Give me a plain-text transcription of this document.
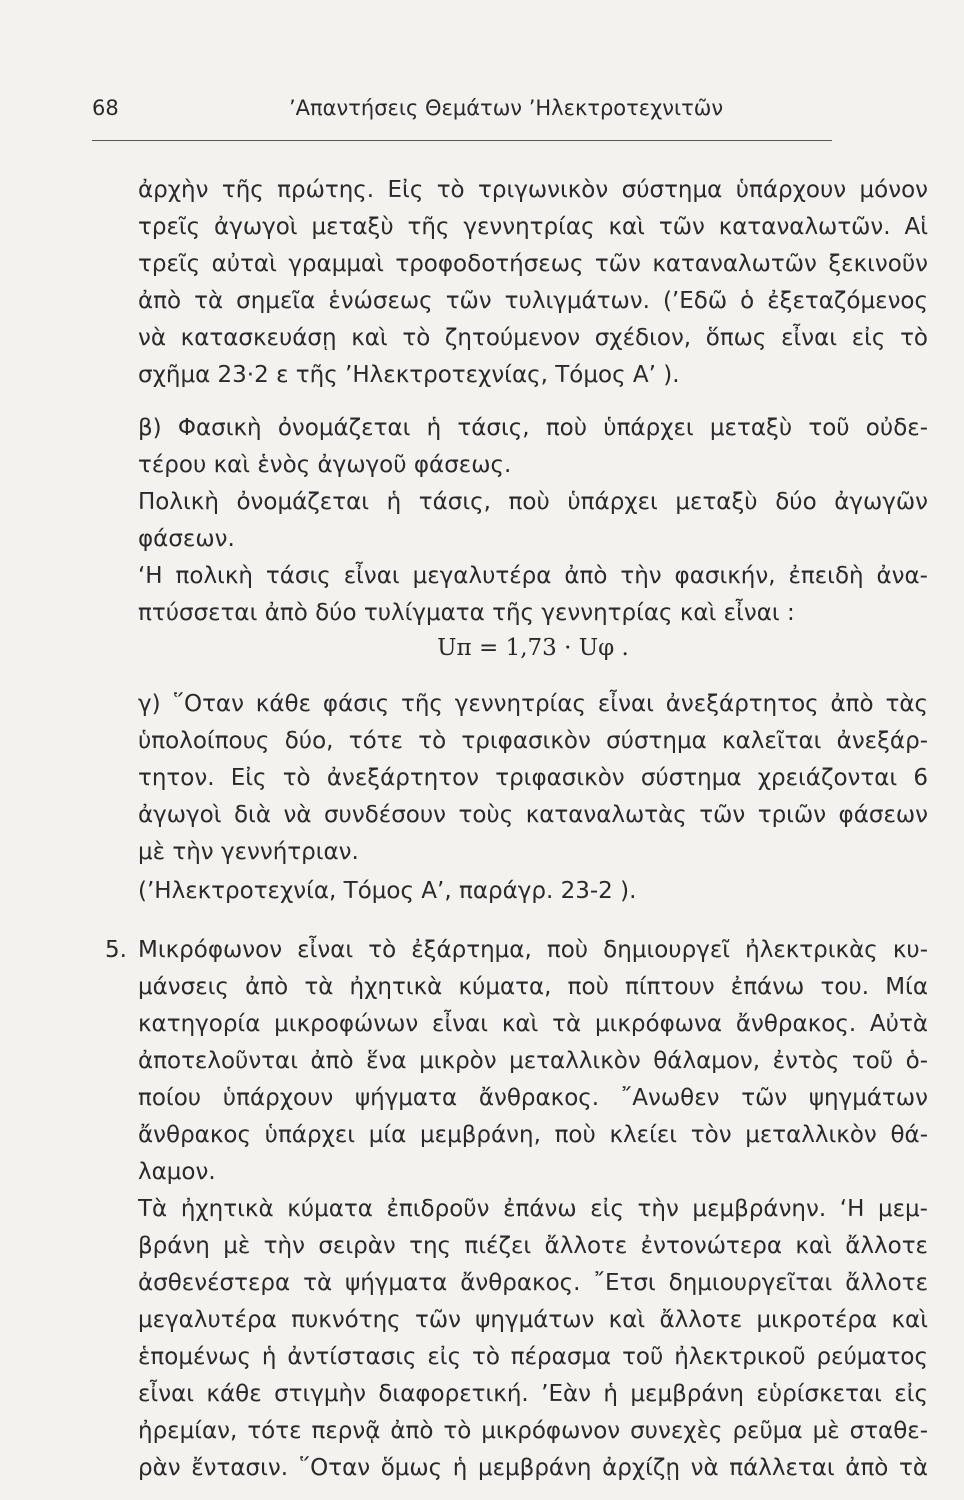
68	’Απαντήσεις Θεμάτων ’Ηλεκτροτεχνιτῶν
ἀρχὴν τῆς πρώτης. Εἰς τὸ τριγωνικὸν σύστημα ὑπάρχουν μόνον
τρεῖς ἀγωγοὶ μεταξὺ τῆς γεννητρίας καὶ τῶν καταναλωτῶν. Αἱ
τρεῖς αὐταὶ γραμμαὶ τροφοδοτήσεως τῶν καταναλωτῶν ξεκινοῦν
ἀπὸ τὰ σημεῖα ἑνώσεως τῶν τυλιγμάτων. (’Εδῶ ὁ ἐξεταζόμενος
νὰ κατασκευάσῃ καὶ τὸ ζητούμενον σχέδιον, ὅπως εἶναι εἰς τὸ
σχῆμα 23·2 ε τῆς ’Ηλεκτροτεχνίας, Τόμος Α’ ).
β) Φασικὴ ὀνομάζεται ἡ τάσις, ποὺ ὑπάρχει μεταξὺ τοῦ οὐδε-
τέρου καὶ ἑνὸς ἀγωγοῦ φάσεως.
Πολικὴ ὀνομάζεται ἡ τάσις, ποὺ ὑπάρχει μεταξὺ δύο ἀγωγῶν
φάσεων.
‘Η πολικὴ τάσις εἶναι μεγαλυτέρα ἀπὸ τὴν φασικήν, ἐπειδὴ ἀνα-
πτύσσεται ἀπὸ δύο τυλίγματα τῆς γεννητρίας καὶ εἶναι :
Uπ = 1,73 · Uφ .
γ) ῞Οταν κάθε φάσις τῆς γεννητρίας εἶναι ἀνεξάρτητος ἀπὸ τὰς
ὑπολοίπους δύο, τότε τὸ τριφασικὸν σύστημα καλεῖται ἀνεξάρ-
τητον. Εἰς τὸ ἀνεξάρτητον τριφασικὸν σύστημα χρειάζονται 6
ἀγωγοὶ διὰ νὰ συνδέσουν τοὺς καταναλωτὰς τῶν τριῶν φάσεων
μὲ τὴν γεννήτριαν.
(’Ηλεκτροτεχνία, Τόμος Α’, παράγρ. 23-2 ).
5. Μικρόφωνον εἶναι τὸ ἐξάρτημα, ποὺ δημιουργεῖ ἠλεκτρικὰς κυ-
μάνσεις ἀπὸ τὰ ἠχητικὰ κύματα, ποὺ πίπτουν ἐπάνω του. Μία
κατηγορία μικροφώνων εἶναι καὶ τὰ μικρόφωνα ἄνθρακος. Αὐτὰ
ἀποτελοῦνται ἀπὸ ἕνα μικρὸν μεταλλικὸν θάλαμον, ἐντὸς τοῦ ὁ-
ποίου ὑπάρχουν ψήγματα ἄνθρακος. ῎Ανωθεν τῶν ψηγμάτων
ἄνθρακος ὑπάρχει μία μεμβράνη, ποὺ κλείει τὸν μεταλλικὸν θά-
λαμον.
Τὰ ἠχητικὰ κύματα ἐπιδροῦν ἐπάνω εἰς τὴν μεμβράνην. ‘Η μεμ-
βράνη μὲ τὴν σειρὰν της πιέζει ἄλλοτε ἐντονώτερα καὶ ἄλλοτε
ἀσθενέστερα τὰ ψήγματα ἄνθρακος. ῎Ετσι δημιουργεῖται ἄλλοτε
μεγαλυτέρα πυκνότης τῶν ψηγμάτων καὶ ἄλλοτε μικροτέρα καὶ
ἑπομένως ἡ ἀντίστασις εἰς τὸ πέρασμα τοῦ ἠλεκτρικοῦ ρεύματος
εἶναι κάθε στιγμὴν διαφορετική. ’Εὰν ἡ μεμβράνη εὑρίσκεται εἰς
ἠρεμίαν, τότε περνᾷ ἀπὸ τὸ μικρόφωνον συνεχὲς ρεῦμα μὲ σταθε-
ρὰν ἔντασιν. ῞Οταν ὅμως ἡ μεμβράνη ἀρχίζῃ νὰ πάλλεται ἀπὸ τὰ
